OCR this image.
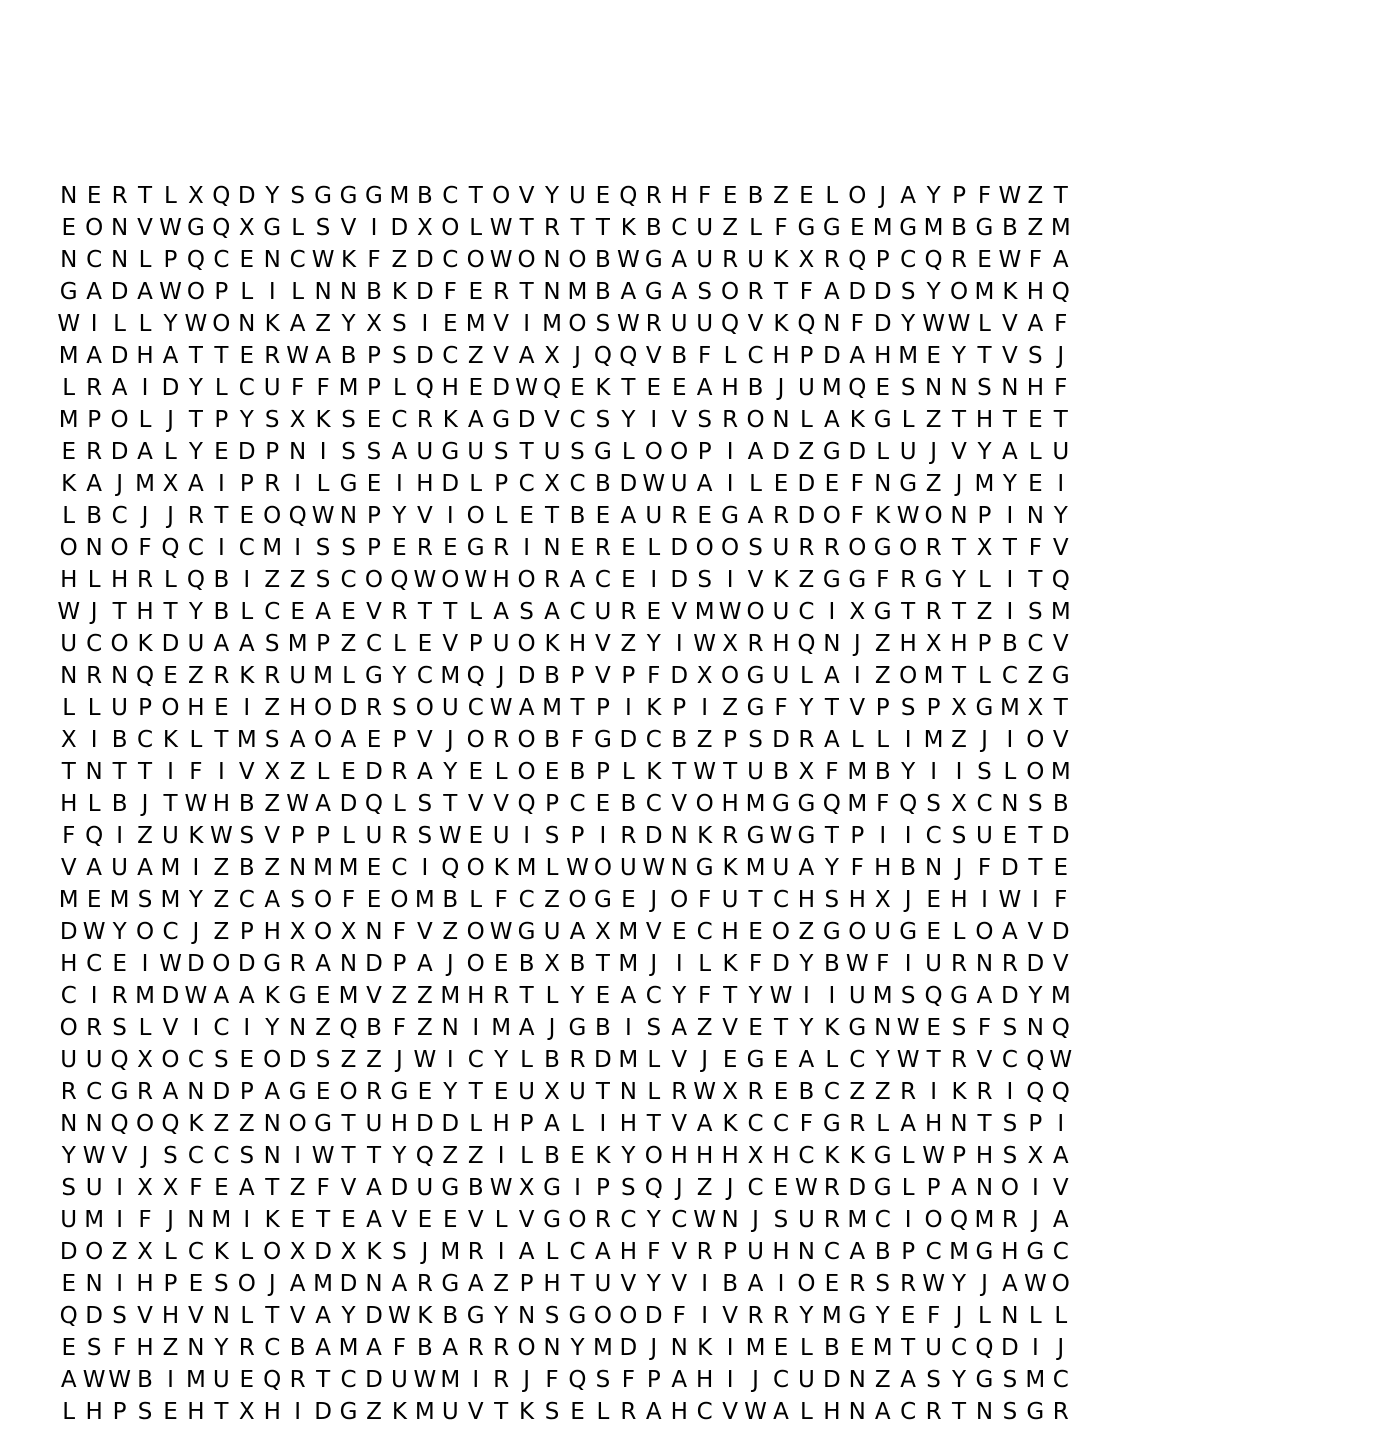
N E R T L X Q D Y S G G G M B C T O V Y U E Q R H F E B Z E L O J A Y P F W Z T
E O N V W G Q X G L S V I D X O L W T R T T K B C U Z L F G G E M G M B G B Z M
N C N L P Q C E N C W K F Z D C O W O N O B W G A U R U K X R Q P C Q R E W F A
G A D A W O P L I L N N B K D F E R T N M B A G A S O R T F A D D S Y O M K H Q
W I L L Y W O N K A Z Y X S I E M V I M O S W R U U Q V K Q N F D Y W W L V A F
M A D H A T T E R W A B P S D C Z V A X J Q Q V B F L C H P D A H M E Y T V S J
L R A I D Y L C U F F M P L Q H E D W Q E K T E E A H B J U M Q E S N N S N H F
M P O L J T P Y S X K S E C R K A G D V C S Y I V S R O N L A K G L Z T H T E T
E R D A L Y E D P N I S S A U G U S T U S G L O O P I A D Z G D L U J V Y A L U
K A J M X A I P R I L G E I H D L P C X C B D W U A I L E D E F N G Z J M Y E I
L B C J J R T E O Q W N P Y V I O L E T B E A U R E G A R D O F K W O N P I N Y
O N O F Q C I C M I S S P E R E G R I N E R E L D O O S U R R O G O R T X T F V
H L H R L Q B I Z Z S C O Q W O W H O R A C E I D S I V K Z G G F R G Y L I T Q
W J T H T Y B L C E A E V R T T L A S A C U R E V M W O U C I X G T R T Z I S M
U C O K D U A A S M P Z C L E V P U O K H V Z Y I W X R H Q N J Z H X H P B C V
N R N Q E Z R K R U M L G Y C M Q J D B P V P F D X O G U L A I Z O M T L C Z G
L L U P O H E I Z H O D R S O U C W A M T P I K P I Z G F Y T V P S P X G M X T
X I B C K L T M S A O A E P V J O R O B F G D C B Z P S D R A L L I M Z J I O V
T N T T I F I V X Z L E D R A Y E L O E B P L K T W T U B X F M B Y I I S L O M
H L B J T W H B Z W A D Q L S T V V Q P C E B C V O H M G G Q M F Q S X C N S B
F Q I Z U K W S V P P L U R S W E U I S P I R D N K R G W G T P I I C S U E T D
V A U A M I Z B Z N M M E C I Q O K M L W O U W N G K M U A Y F H B N J F D T E
M E M S M Y Z C A S O F E O M B L F C Z O G E J O F U T C H S H X J E H I W I F
D W Y O C J Z P H X O X N F V Z O W G U A X M V E C H E O Z G O U G E L O A V D
H C E I W D O D G R A N D P A J O E B X B T M J I L K F D Y B W F I U R N R D V
C I R M D W A A K G E M V Z Z M H R T L Y E A C Y F T Y W I I U M S Q G A D Y M
O R S L V I C I Y N Z Q B F Z N I M A J G B I S A Z V E T Y K G N W E S F S N Q
U U Q X O C S E O D S Z Z J W I C Y L B R D M L V J E G E A L C Y W T R V C Q W
R C G R A N D P A G E O R G E Y T E U X U T N L R W X R E B C Z Z R I K R I Q Q
N N Q O Q K Z Z N O G T U H D D L H P A L I H T V A K C C F G R L A H N T S P I
Y W V J S C C S N I W T T Y Q Z Z I L B E K Y O H H H X H C K K G L W P H S X A
S U I X X F E A T Z F V A D U G B W X G I P S Q J Z J C E W R D G L P A N O I V
U M I F J N M I K E T E A V E E V L V G O R C Y C W N J S U R M C I O Q M R J A
D O Z X L C K L O X D X K S J M R I A L C A H F V R P U H N C A B P C M G H G C
E N I H P E S O J A M D N A R G A Z P H T U V Y V I B A I O E R S R W Y J A W O
Q D S V H V N L T V A Y D W K B G Y N S G O O D F I V R R Y M G Y E F J L N L L
E S F H Z N Y R C B A M A F B A R R O N Y M D J N K I M E L B E M T U C Q D I J
A W W B I M U E Q R T C D U W M I R J F Q S F P A H I J C U D N Z A S Y G S M C
L H P S E H T X H I D G Z K M U V T K S E L R A H C V W A L H N A C R T N S G R
